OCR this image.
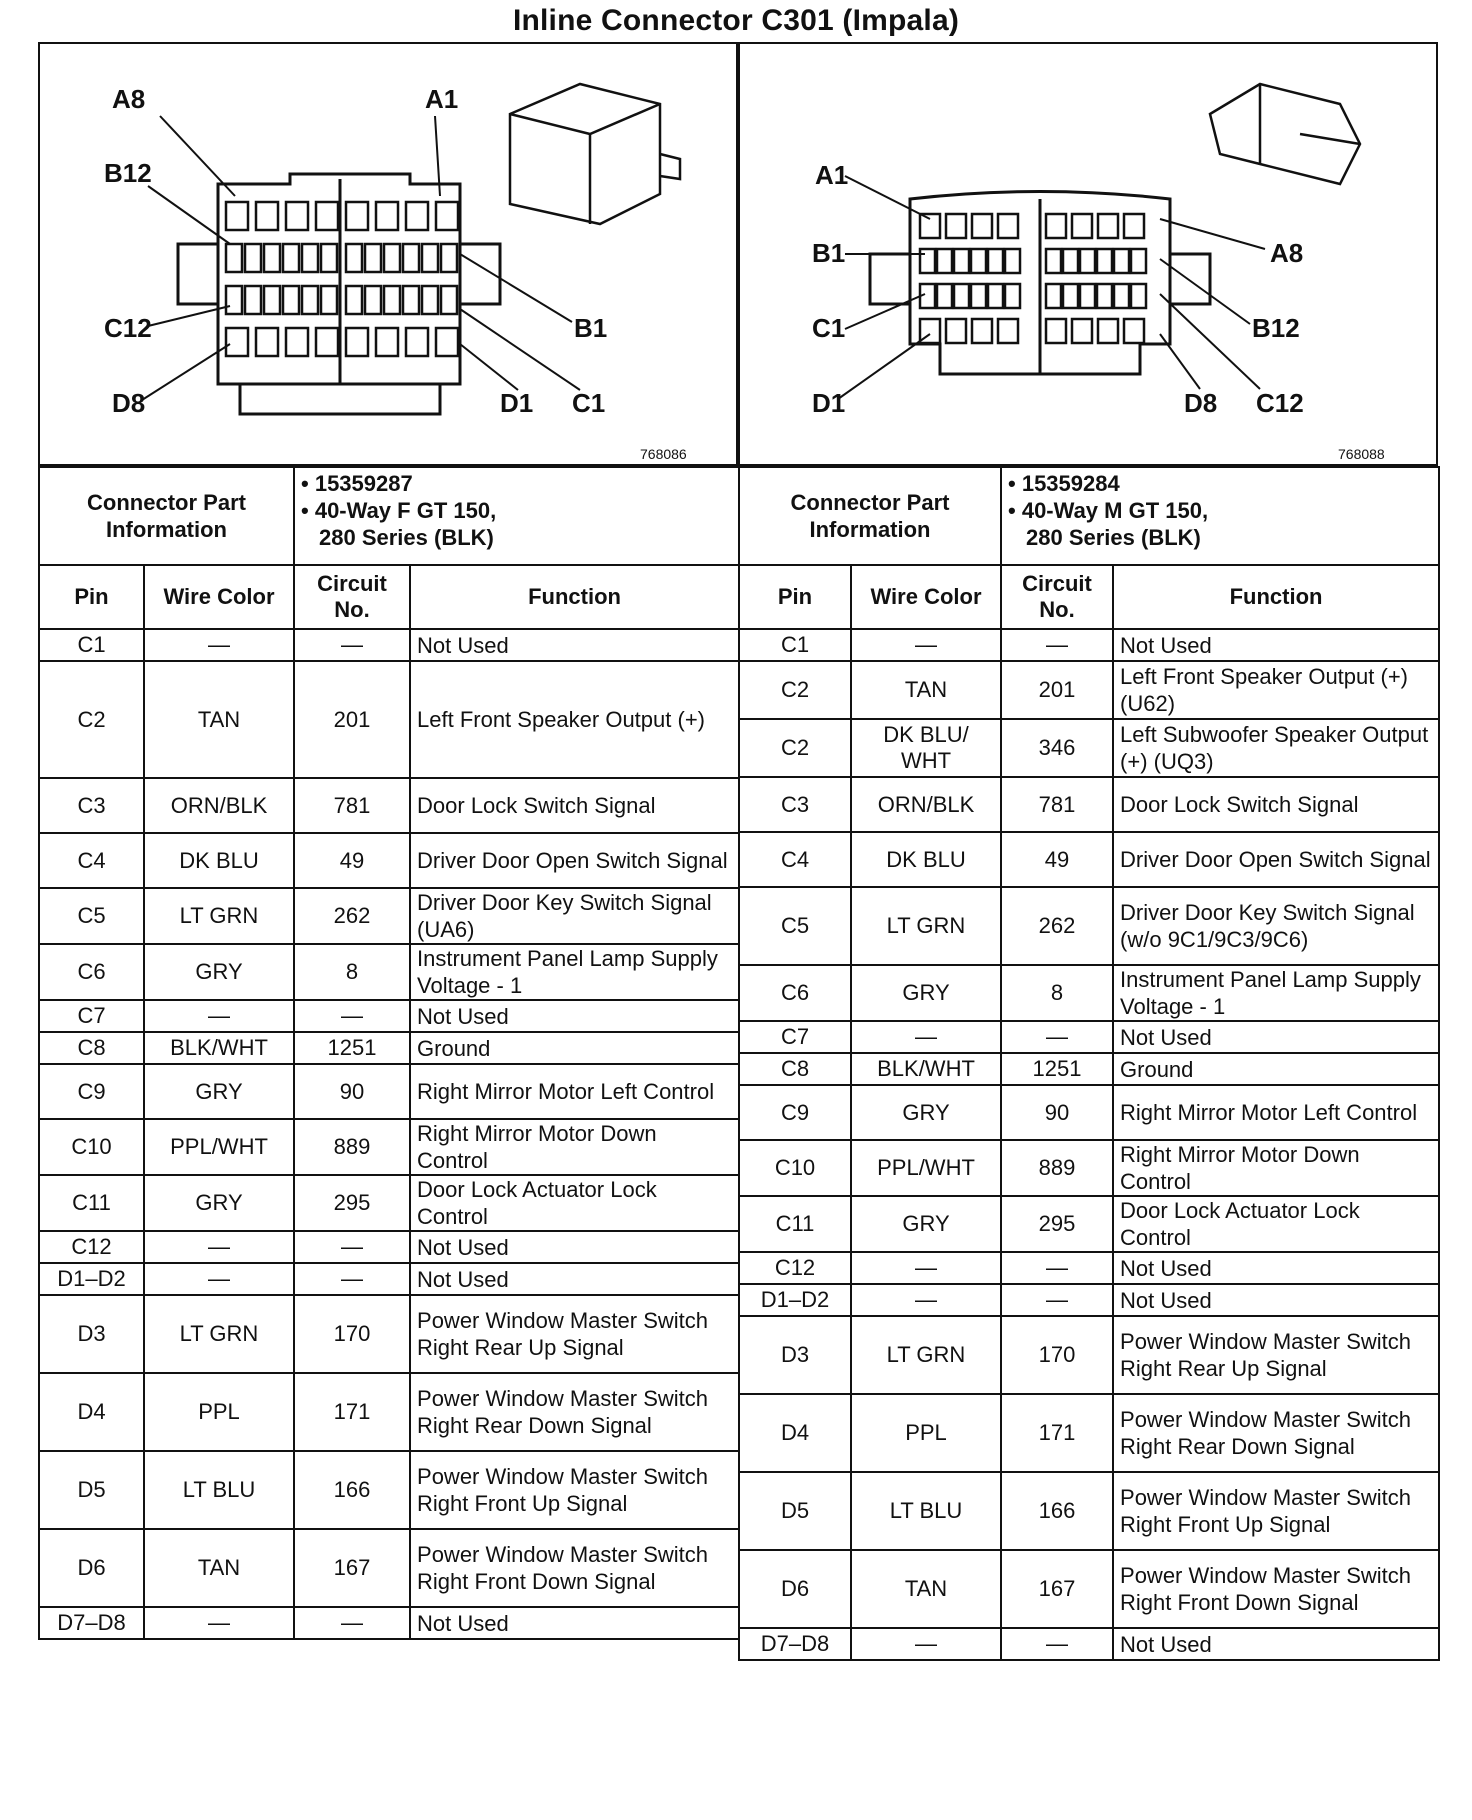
Inline Connector C301 (Impala)
A8	A1
B12
C12	B1
D8	D1 C1
768086
A1
A8
B1
B12
C1
D1	D8 C12
768088
Connector Part Information		• 15359287
• 40-Way F GT 150,
280 Series (BLK)	

Pin	Wire Color	Circuit No.	Function
C1	—	—	Not Used
C2	TAN	201	Left Front Speaker Output (+)
C3	ORN/BLK	781	Door Lock Switch Signal
C4	DK BLU	49	Driver Door Open Switch Signal
C5	LT GRN	262	Driver Door Key Switch Signal (UA6)
C6	GRY	8	Instrument Panel Lamp Supply Voltage - 1
C7	—	—	Not Used
C8	BLK/WHT	1251	Ground
C9	GRY	90	Right Mirror Motor Left Control
C10	PPL/WHT	889	Right Mirror Motor Down Control
C11	GRY	295	Door Lock Actuator Lock Control
C12	—	—	Not Used
D1–D2	—	—	Not Used
D3	LT GRN	170	Power Window Master Switch Right Rear Up Signal
D4	PPL	171	Power Window Master Switch Right Rear Down Signal
D5	LT BLU	166	Power Window Master Switch Right Front Up Signal
D6	TAN	167	Power Window Master Switch Right Front Down Signal
D7–D8	—	—	Not Used
Connector Part Information		• 15359284
• 40-Way M GT 150,
280 Series (BLK)	

Pin	Wire Color	Circuit No.	Function
C1	—	—	Not Used
C2	TAN	201	Left Front Speaker Output (+) (U62)
C2	DK BLU/ WHT	346	Left Subwoofer Speaker Output (+) (UQ3)
C3	ORN/BLK	781	Door Lock Switch Signal
C4	DK BLU	49	Driver Door Open Switch Signal
C5	LT GRN	262	Driver Door Key Switch Signal (w/o 9C1/9C3/9C6)
C6	GRY	8	Instrument Panel Lamp Supply Voltage - 1
C7	—	—	Not Used
C8	BLK/WHT	1251	Ground
C9	GRY	90	Right Mirror Motor Left Control
C10	PPL/WHT	889	Right Mirror Motor Down Control
C11	GRY	295	Door Lock Actuator Lock Control
C12	—	—	Not Used
D1–D2	—	—	Not Used
D3	LT GRN	170	Power Window Master Switch Right Rear Up Signal
D4	PPL	171	Power Window Master Switch Right Rear Down Signal
D5	LT BLU	166	Power Window Master Switch Right Front Up Signal
D6	TAN	167	Power Window Master Switch Right Front Down Signal
D7–D8	—	—	Not Used
